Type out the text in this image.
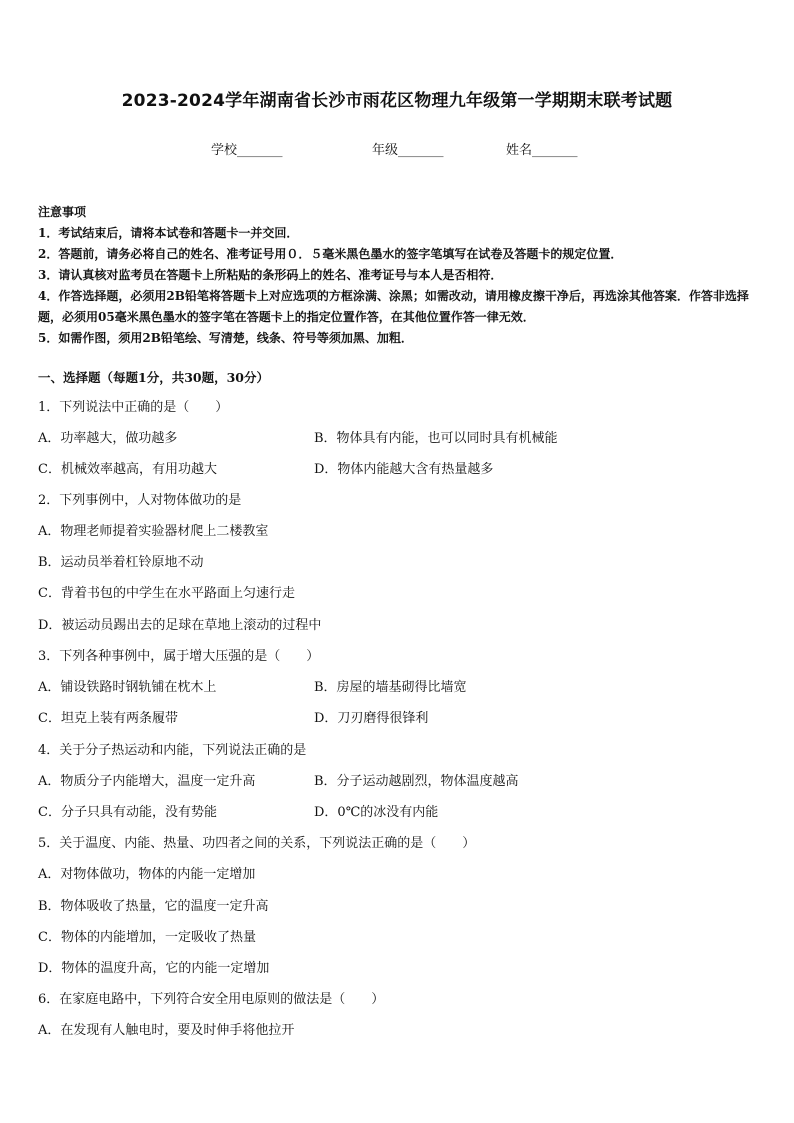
2023-2024学年湖南省长沙市雨花区物理九年级第一学期期末联考试题
学校_______	年级_______	姓名_______
注意事项
1．考试结束后，请将本试卷和答题卡一并交回．
2．答题前，请务必将自己的姓名、准考证号用０．５毫米黑色墨水的签字笔填写在试卷及答题卡的规定位置．
3．请认真核对监考员在答题卡上所粘贴的条形码上的姓名、准考证号与本人是否相符．
4．作答选择题，必须用2B铅笔将答题卡上对应选项的方框涂满、涂黑；如需改动，请用橡皮擦干净后，再选涂其他答案．作答非选择题，必须用05毫米黑色墨水的签字笔在答题卡上的指定位置作答，在其他位置作答一律无效．
5．如需作图，须用2B铅笔绘、写清楚，线条、符号等须加黑、加粗．
一、选择题（每题1分，共30题，30分）
1．下列说法中正确的是（　　）
A．功率越大，做功越多	B．物体具有内能，也可以同时具有机械能
C．机械效率越高，有用功越大	D．物体内能越大含有热量越多
2．下列事例中，人对物体做功的是
A．物理老师提着实验器材爬上二楼教室
B．运动员举着杠铃原地不动
C．背着书包的中学生在水平路面上匀速行走
D．被运动员踢出去的足球在草地上滚动的过程中
3．下列各种事例中，属于增大压强的是（　　）
A．铺设铁路时钢轨铺在枕木上	B．房屋的墙基砌得比墙宽
C．坦克上装有两条履带	D．刀刃磨得很锋利
4．关于分子热运动和内能，下列说法正确的是
A．物质分子内能增大，温度一定升高	B．分子运动越剧烈，物体温度越高
C．分子只具有动能，没有势能	D．0℃的冰没有内能
5．关于温度、内能、热量、功四者之间的关系，下列说法正确的是（　　）
A．对物体做功，物体的内能一定增加
B．物体吸收了热量，它的温度一定升高
C．物体的内能增加，一定吸收了热量
D．物体的温度升高，它的内能一定增加
6．在家庭电路中，下列符合安全用电原则的做法是（　　）
A．在发现有人触电时，要及时伸手将他拉开
